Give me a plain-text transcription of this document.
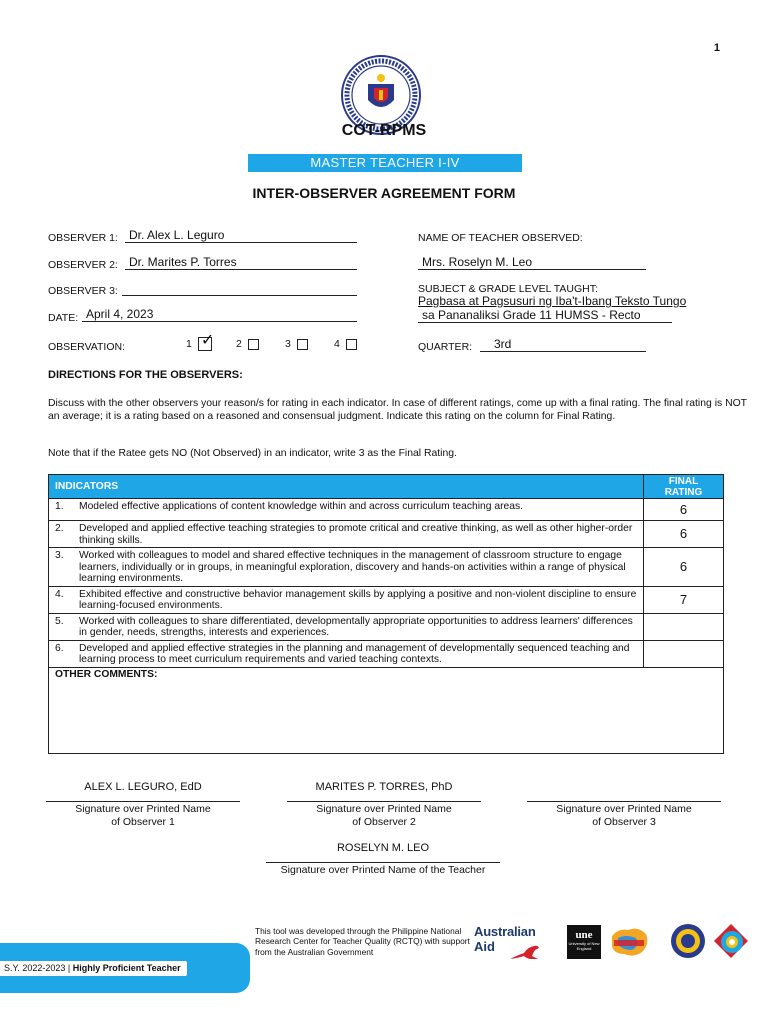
1
COT-RPMS
MASTER TEACHER I-IV
INTER-OBSERVER AGREEMENT FORM
OBSERVER 1: Dr. Alex L. Leguro
OBSERVER 2: Dr. Marites P. Torres
OBSERVER 3:
DATE: April 4, 2023
OBSERVATION:	1 ✓ 2	3	4
NAME OF TEACHER OBSERVED:
Mrs. Roselyn M. Leo
SUBJECT & GRADE LEVEL TAUGHT:
Pagbasa at Pagsusuri ng Iba't-Ibang Teksto Tungo
sa Pananaliksi Grade 11 HUMSS - Recto
QUARTER:	3rd
DIRECTIONS FOR THE OBSERVERS:
Discuss with the other observers your reason/s for rating in each indicator. In case of different ratings, come up with a final rating. The final rating is NOT an average; it is a rating based on a reasoned and consensual judgment. Indicate this rating on the column for Final Rating.
Note that if the Ratee gets NO (Not Observed) in an indicator, write 3 as the Final Rating.
INDICATORS	FINAL
RATING
1. Modeled effective applications of content knowledge within and across curriculum teaching areas.	6
2. Developed and applied effective teaching strategies to promote critical and creative thinking, as well as other higher-order thinking skills.	6
3. Worked with colleagues to model and shared effective techniques in the management of classroom structure to engage learners, individually or in groups, in meaningful exploration, discovery and hands-on activities within a range of physical learning environments.	6
4. Exhibited effective and constructive behavior management skills by applying a positive and non-violent discipline to ensure learning-focused environments.	7
5. Worked with colleagues to share differentiated, developmentally appropriate opportunities to address learners' differences in gender, needs, strengths, interests and experiences.	
6. Developed and applied effective strategies in the planning and management of developmentally sequenced teaching and learning process to meet curriculum requirements and varied teaching contexts.	
OTHER COMMENTS:	
ALEX L. LEGURO, EdD
Signature over Printed Name
of Observer 1
MARITES P. TORRES, PhD
Signature over Printed Name
of Observer 2
Signature over Printed Name
of Observer 3
ROSELYN M. LEO
Signature over Printed Name of the Teacher
This tool was developed through the Philippine National Research Center for Teacher Quality (RCTQ) with support from the Australian Government
Australian
Aid
une
University of New England
S.Y. 2022-2023 | Highly Proficient Teacher
